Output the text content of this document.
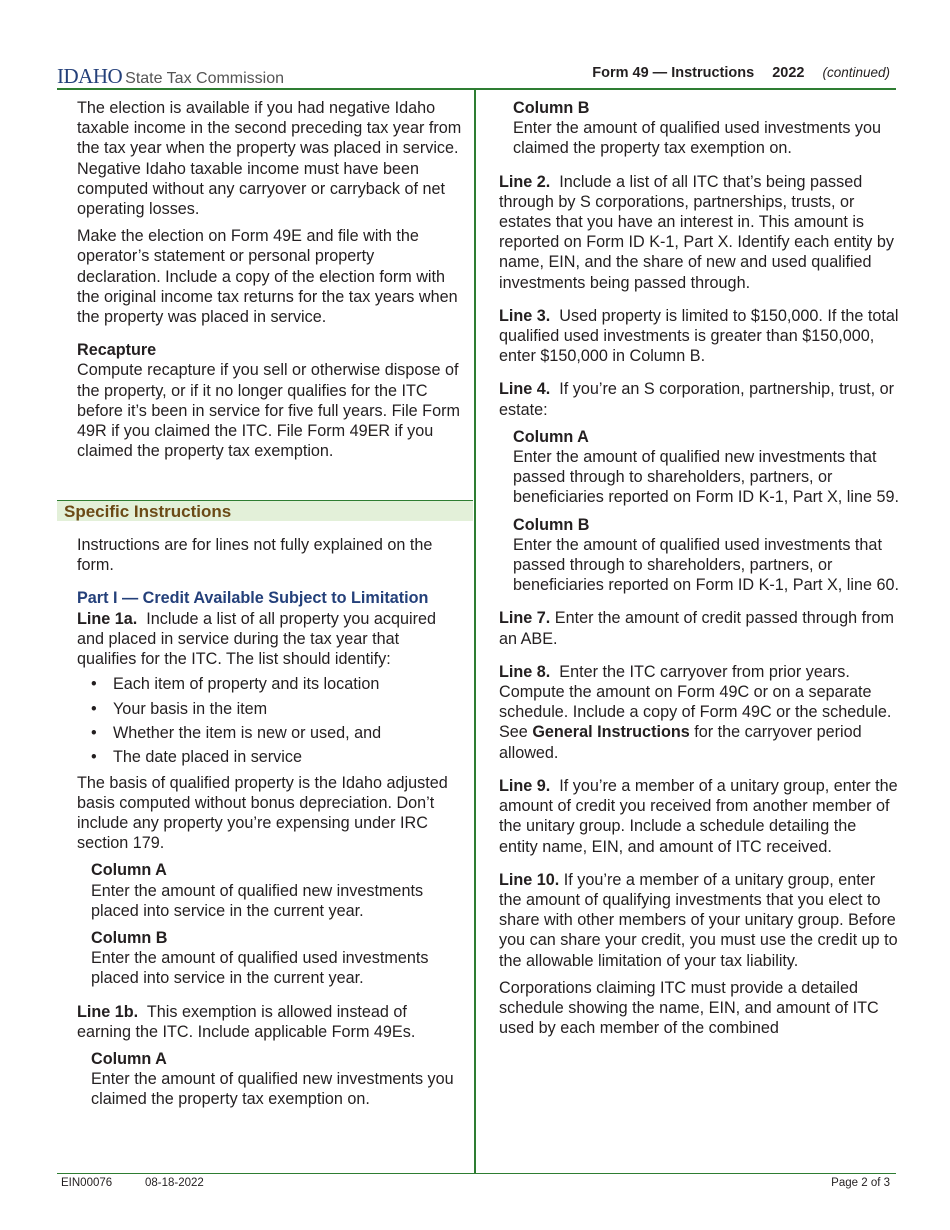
IDAHO State Tax Commission	Form 49 — Instructions 2022 (continued)

The election is available if you had negative Idaho taxable income in the second preceding tax year from the tax year when the property was placed in service. Negative Idaho taxable income must have been computed without any carryover or carryback of net operating losses.

Make the election on Form 49E and file with the operator’s statement or personal property declaration. Include a copy of the election form with the original income tax returns for the tax years when the property was placed in service.

Recapture

Compute recapture if you sell or otherwise dispose of the property, or if it no longer qualifies for the ITC before it’s been in service for five full years. File Form 49R if you claimed the ITC. File Form 49ER if you claimed the property tax exemption.

Specific Instructions

Instructions are for lines not fully explained on the form.

Part I — Credit Available Subject to Limitation

Line 1a. Include a list of all property you acquired and placed in service during the tax year that qualifies for the ITC. The list should identify:

• Each item of property and its location
• Your basis in the item
• Whether the item is new or used, and
• The date placed in service

The basis of qualified property is the Idaho adjusted basis computed without bonus depreciation. Don’t include any property you’re expensing under IRC section 179.

Column A

Enter the amount of qualified new investments placed into service in the current year.

Column B

Enter the amount of qualified used investments placed into service in the current year.

Line 1b. This exemption is allowed instead of earning the ITC. Include applicable Form 49Es.

Column A

Enter the amount of qualified new investments you claimed the property tax exemption on.

Column B

Enter the amount of qualified used investments you claimed the property tax exemption on.

Line 2. Include a list of all ITC that’s being passed through by S corporations, partnerships, trusts, or estates that you have an interest in. This amount is reported on Form ID K-1, Part X. Identify each entity by name, EIN, and the share of new and used qualified investments being passed through.

Line 3. Used property is limited to $150,000. If the total qualified used investments is greater than $150,000, enter $150,000 in Column B.

Line 4. If you’re an S corporation, partnership, trust, or estate:

Column A

Enter the amount of qualified new investments that passed through to shareholders, partners, or beneficiaries reported on Form ID K-1, Part X, line 59.

Column B

Enter the amount of qualified used investments that passed through to shareholders, partners, or beneficiaries reported on Form ID K-1, Part X, line 60.

Line 7. Enter the amount of credit passed through from an ABE.

Line 8. Enter the ITC carryover from prior years. Compute the amount on Form 49C or on a separate schedule. Include a copy of Form 49C or the schedule. See General Instructions for the carryover period allowed.

Line 9. If you’re a member of a unitary group, enter the amount of credit you received from another member of the unitary group. Include a schedule detailing the entity name, EIN, and amount of ITC received.

Line 10. If you’re a member of a unitary group, enter the amount of qualifying investments that you elect to share with other members of your unitary group. Before you can share your credit, you must use the credit up to the allowable limitation of your tax liability.

Corporations claiming ITC must provide a detailed schedule showing the name, EIN, and amount of ITC used by each member of the combined

EIN00076	08-18-2022	Page 2 of 3
